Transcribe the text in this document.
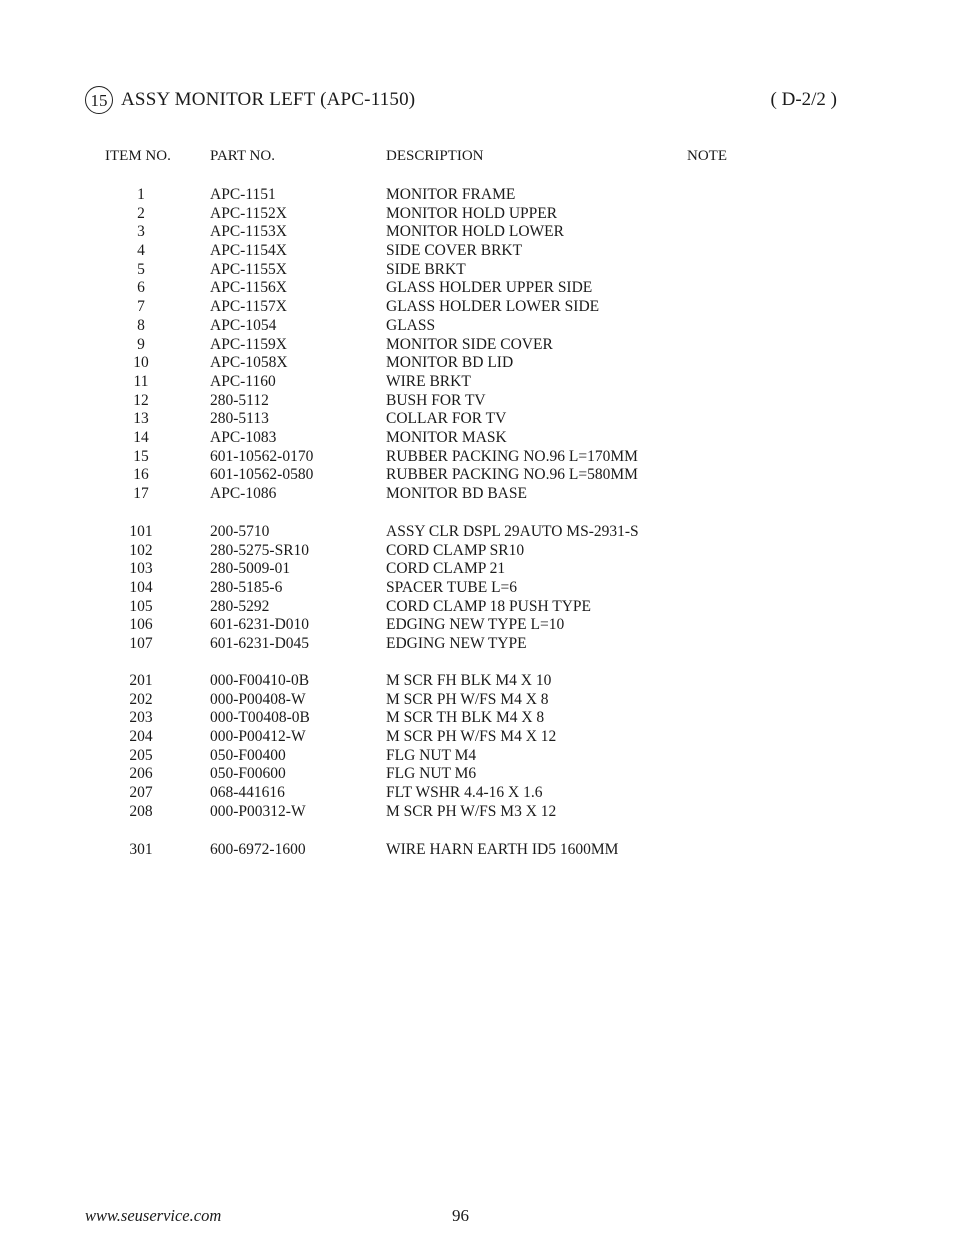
15 ASSY MONITOR LEFT (APC-1150)	( D-2/2 )
ITEM NO.	PART NO.	DESCRIPTION	NOTE
1	APC-1151	MONITOR FRAME
2	APC-1152X	MONITOR HOLD UPPER
3	APC-1153X	MONITOR HOLD LOWER
4	APC-1154X	SIDE COVER BRKT
5	APC-1155X	SIDE BRKT
6	APC-1156X	GLASS HOLDER UPPER SIDE
7	APC-1157X	GLASS HOLDER LOWER SIDE
8	APC-1054	GLASS
9	APC-1159X	MONITOR SIDE COVER
10	APC-1058X	MONITOR BD LID
11	APC-1160	WIRE BRKT
12	280-5112	BUSH FOR TV
13	280-5113	COLLAR FOR TV
14	APC-1083	MONITOR MASK
15	601-10562-0170	RUBBER PACKING NO.96 L=170MM
16	601-10562-0580	RUBBER PACKING NO.96 L=580MM
17	APC-1086	MONITOR BD BASE
101	200-5710	ASSY CLR DSPL 29AUTO MS-2931-S
102	280-5275-SR10	CORD CLAMP SR10
103	280-5009-01	CORD CLAMP 21
104	280-5185-6	SPACER TUBE L=6
105	280-5292	CORD CLAMP 18 PUSH TYPE
106	601-6231-D010	EDGING NEW TYPE L=10
107	601-6231-D045	EDGING NEW TYPE
201	000-F00410-0B	M SCR FH BLK M4 X 10
202	000-P00408-W	M SCR PH W/FS M4 X 8
203	000-T00408-0B	M SCR TH BLK M4 X 8
204	000-P00412-W	M SCR PH W/FS M4 X 12
205	050-F00400	FLG NUT M4
206	050-F00600	FLG NUT M6
207	068-441616	FLT WSHR 4.4-16 X 1.6
208	000-P00312-W	M SCR PH W/FS M3 X 12
301	600-6972-1600	WIRE HARN EARTH ID5 1600MM
www.seuservice.com	96
